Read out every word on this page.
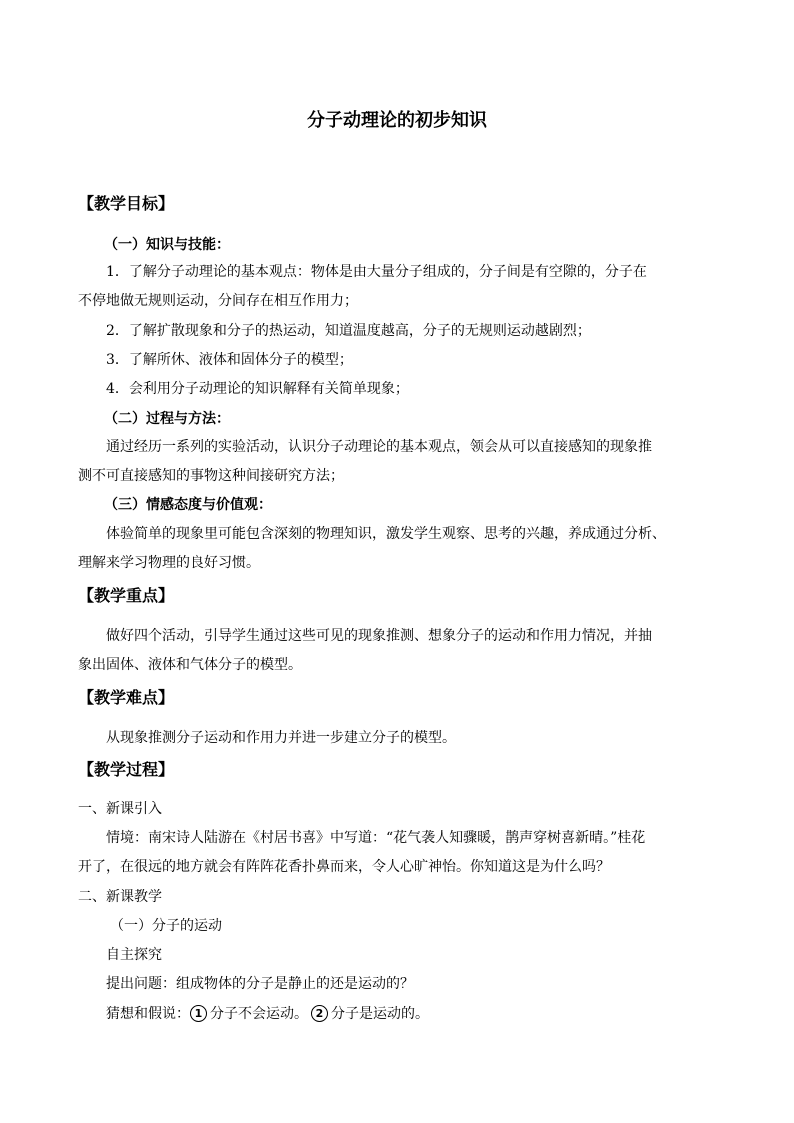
分子动理论的初步知识
【教学目标】
（一）知识与技能：
1．了解分子动理论的基本观点：物体是由大量分子组成的，分子间是有空隙的，分子在
不停地做无规则运动，分间存在相互作用力；
2．了解扩散现象和分子的热运动，知道温度越高，分子的无规则运动越剧烈；
3．了解所休、液体和固体分子的模型；
4．会利用分子动理论的知识解释有关简单现象；
（二）过程与方法：
通过经历一系列的实验活动，认识分子动理论的基本观点，领会从可以直接感知的现象推
测不可直接感知的事物这种间接研究方法；
（三）情感态度与价值观：
体验简单的现象里可能包含深刻的物理知识，激发学生观察、思考的兴趣，养成通过分析、
理解来学习物理的良好习惯。
【教学重点】
做好四个活动，引导学生通过这些可见的现象推测、想象分子的运动和作用力情况，并抽
象出固体、液体和气体分子的模型。
【教学难点】
从现象推测分子运动和作用力并进一步建立分子的模型。
【教学过程】
一、新课引入
情境：南宋诗人陆游在《村居书喜》中写道：“花气袭人知骤暖，鹊声穿树喜新晴。”桂花
开了，在很远的地方就会有阵阵花香扑鼻而来，令人心旷神怡。你知道这是为什么吗？
二、新课教学
（一）分子的运动
自主探究
提出问题：组成物体的分子是静止的还是运动的？
猜想和假说： 1 分子不会运动。 2 分子是运动的。
